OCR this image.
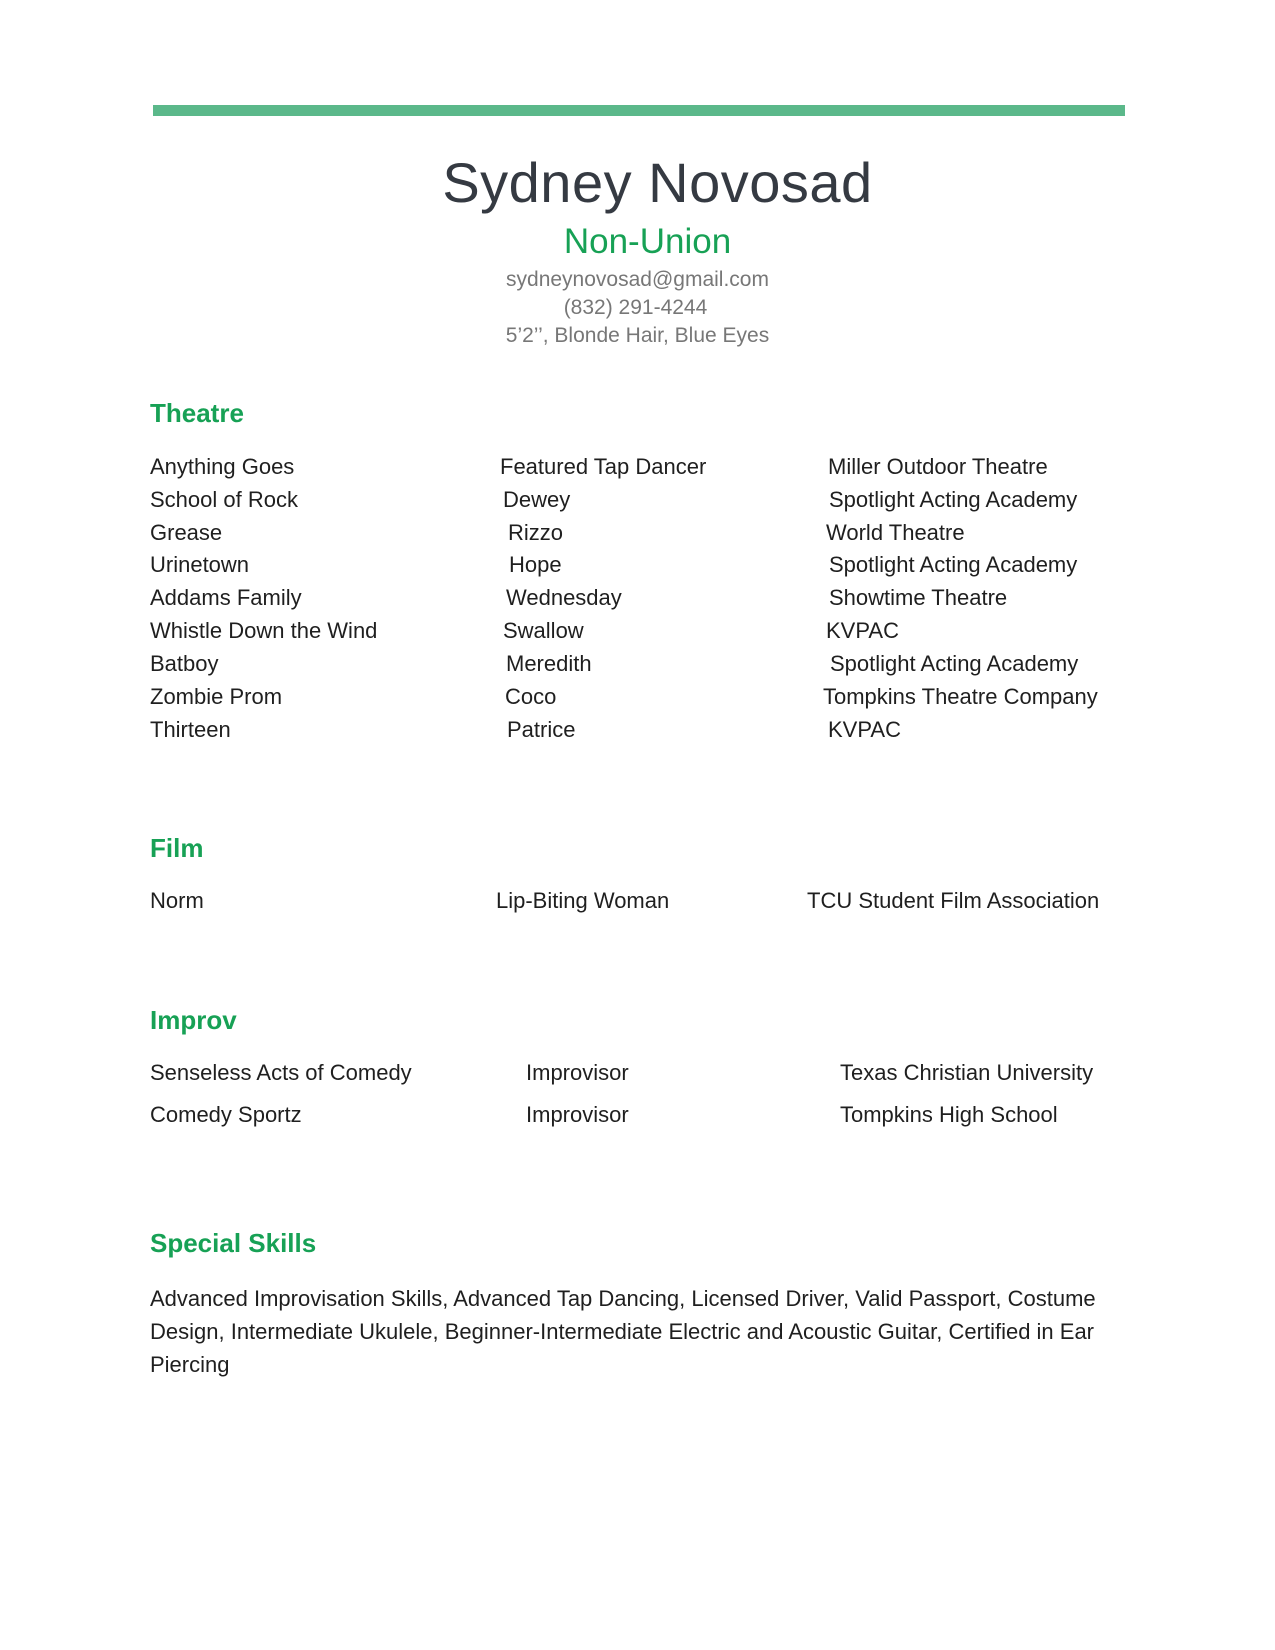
Sydney Novosad
Non-Union
sydneynovosad@gmail.com
(832) 291-4244
5’2’’, Blonde Hair, Blue Eyes
Theatre
Anything Goes	Featured Tap Dancer	Miller Outdoor Theatre
School of Rock	Dewey	Spotlight Acting Academy
Grease	Rizzo	World Theatre
Urinetown	Hope	Spotlight Acting Academy
Addams Family	Wednesday	Showtime Theatre
Whistle Down the Wind	Swallow	KVPAC
Batboy	Meredith	Spotlight Acting Academy
Zombie Prom	Coco	Tompkins Theatre Company
Thirteen	Patrice	KVPAC
Film
Norm	Lip-Biting Woman	TCU Student Film Association
Improv
Senseless Acts of Comedy	Improvisor	Texas Christian University
Comedy Sportz	Improvisor	Tompkins High School
Special Skills
Advanced Improvisation Skills, Advanced Tap Dancing, Licensed Driver, Valid Passport, Costume Design, Intermediate Ukulele, Beginner-Intermediate Electric and Acoustic Guitar, Certified in Ear Piercing
